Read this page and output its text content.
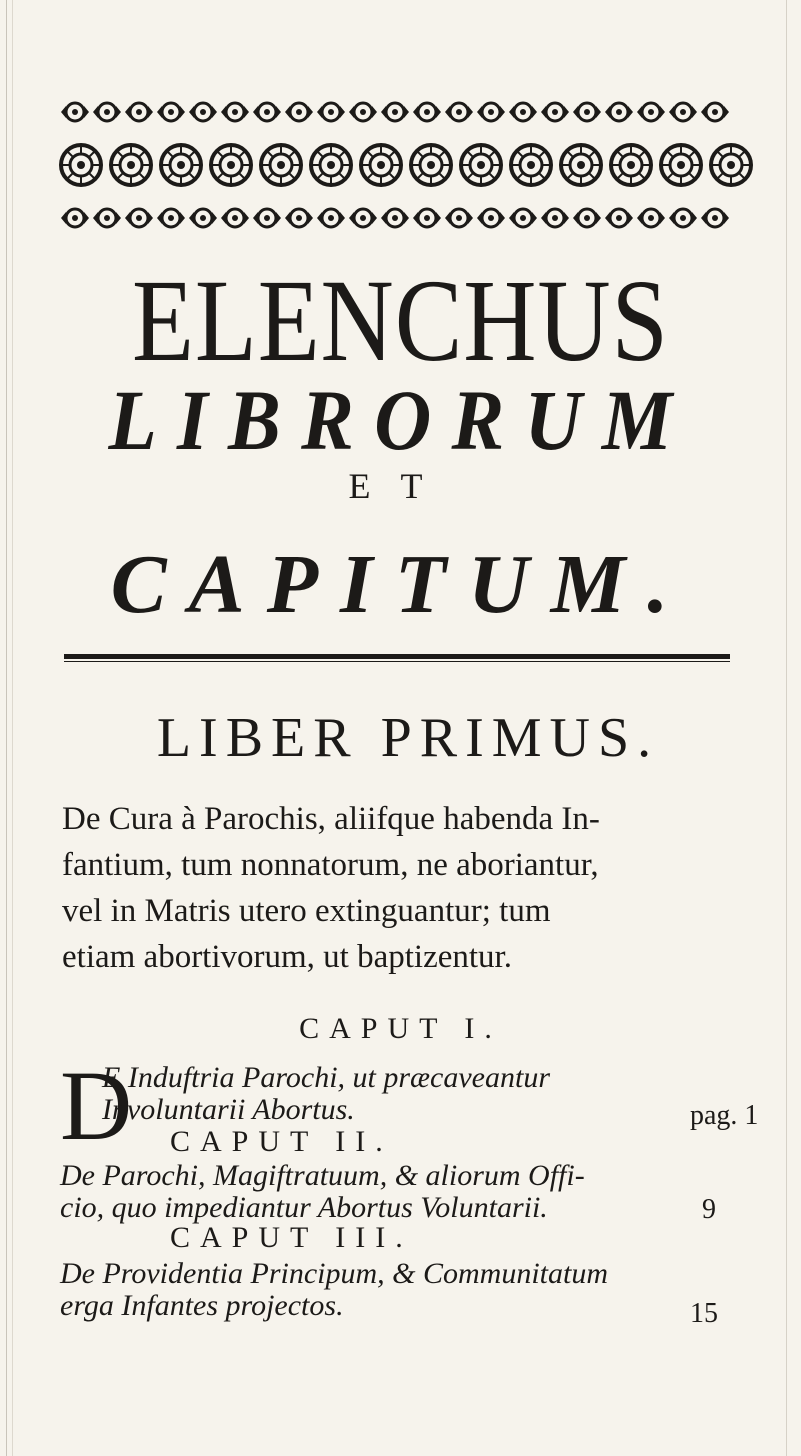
ELENCHUS
LIBRORUM
ET
CAPITUM.
LIBER PRIMUS.

De Cura à Parochis, aliifque habenda In-

fantium, tum nonnatorum, ne aboriantur,

vel in Matris utero extinguantur; tum

etiam abortivorum, ut baptizentur.

CAPUT I.
D
E Induftria Parochi, ut præcaveantur
Involuntarii Abortus.	pag. 1
CAPUT II.
De Parochi, Magiftratuum, & aliorum Offi-
cio, quo impediantur Abortus Voluntarii.	9
CAPUT III.
De Providentia Principum, & Communitatum
erga Infantes projectos.	15
